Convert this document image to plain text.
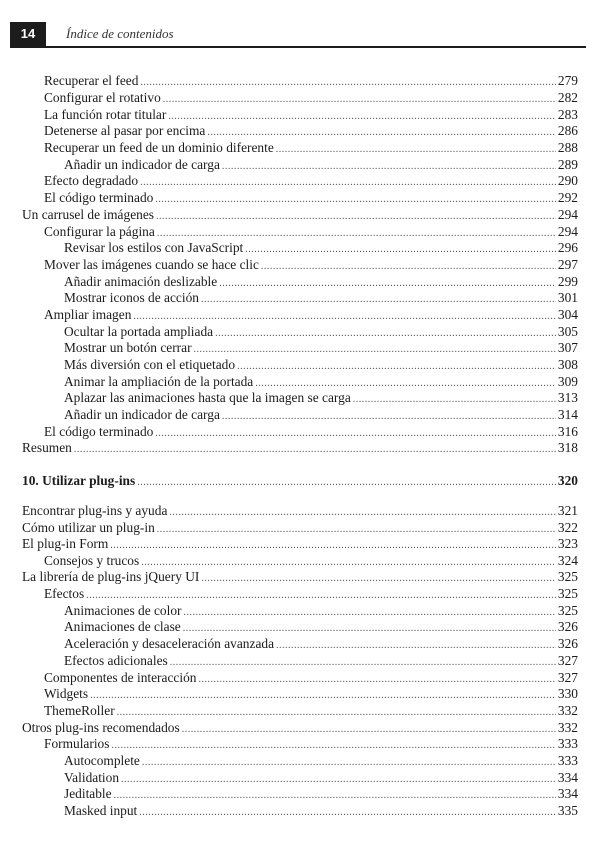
14	Índice de contenidos
Recuperar el feed .....	279
Configurar el rotativo .....	282
La función rotar titular .....	283
Detenerse al pasar por encima .....	286
Recuperar un feed de un dominio diferente .....	288
Añadir un indicador de carga .....	289
Efecto degradado .....	290
El código terminado .....	292
Un carrusel de imágenes .....	294
Configurar la página .....	294
Revisar los estilos con JavaScript .....	296
Mover las imágenes cuando se hace clic .....	297
Añadir animación deslizable .....	299
Mostrar iconos de acción .....	301
Ampliar imagen .....	304
Ocultar la portada ampliada .....	305
Mostrar un botón cerrar .....	307
Más diversión con el etiquetado .....	308
Animar la ampliación de la portada .....	309
Aplazar las animaciones hasta que la imagen se carga .....	313
Añadir un indicador de carga .....	314
El código terminado .....	316
Resumen .....	318
10. Utilizar plug-ins .....	320
Encontrar plug-ins y ayuda .....	321
Cómo utilizar un plug-in .....	322
El plug-in Form .....	323
Consejos y trucos .....	324
La librería de plug-ins jQuery UI .....	325
Efectos .....	325
Animaciones de color .....	325
Animaciones de clase .....	326
Aceleración y desaceleración avanzada .....	326
Efectos adicionales .....	327
Componentes de interacción .....	327
Widgets .....	330
ThemeRoller .....	332
Otros plug-ins recomendados .....	332
Formularios .....	333
Autocomplete .....	333
Validation .....	334
Jeditable .....	334
Masked input .....	335
